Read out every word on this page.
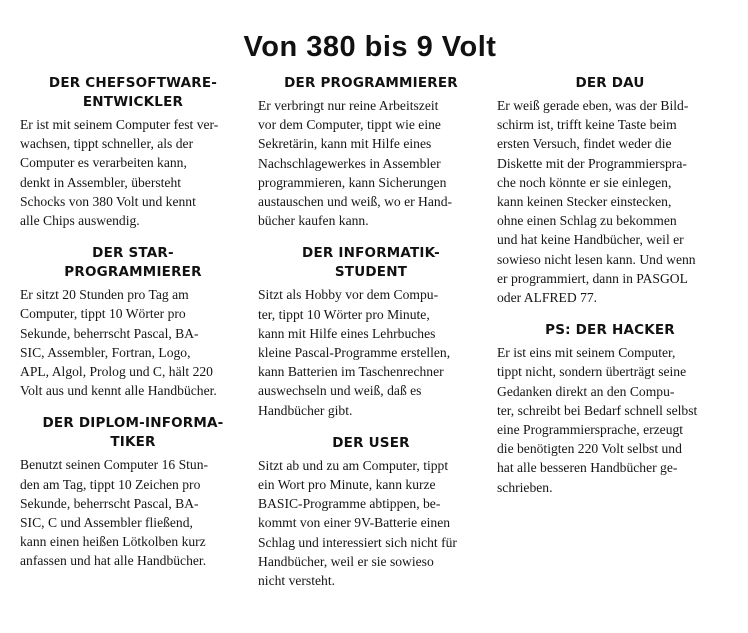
Von 380 bis 9 Volt
DER CHEFSOFTWARE-
ENTWICKLER

Er ist mit seinem Computer fest ver-
wachsen, tippt schneller, als der
Computer es verarbeiten kann,
denkt in Assembler, übersteht
Schocks von 380 Volt und kennt
alle Chips auswendig.

DER STAR-
PROGRAMMIERER

Er sitzt 20 Stunden pro Tag am
Computer, tippt 10 Wörter pro
Sekunde, beherrscht Pascal, BA-
SIC, Assembler, Fortran, Logo,
APL, Algol, Prolog und C, hält 220
Volt aus und kennt alle Handbücher.

DER DIPLOM-INFORMA-
TIKER

Benutzt seinen Computer 16 Stun-
den am Tag, tippt 10 Zeichen pro
Sekunde, beherrscht Pascal, BA-
SIC, C und Assembler fließend,
kann einen heißen Lötkolben kurz
anfassen und hat alle Handbücher.

DER PROGRAMMIERER

Er verbringt nur reine Arbeitszeit
vor dem Computer, tippt wie eine
Sekretärin, kann mit Hilfe eines
Nachschlagewerkes in Assembler
programmieren, kann Sicherungen
austauschen und weiß, wo er Hand-
bücher kaufen kann.

DER INFORMATIK-
STUDENT

Sitzt als Hobby vor dem Compu-
ter, tippt 10 Wörter pro Minute,
kann mit Hilfe eines Lehrbuches
kleine Pascal-Programme erstellen,
kann Batterien im Taschenrechner
auswechseln und weiß, daß es
Handbücher gibt.

DER USER

Sitzt ab und zu am Computer, tippt
ein Wort pro Minute, kann kurze
BASIC-Programme abtippen, be-
kommt von einer 9V-Batterie einen
Schlag und interessiert sich nicht für
Handbücher, weil er sie sowieso
nicht versteht.

DER DAU

Er weiß gerade eben, was der Bild-
schirm ist, trifft keine Taste beim
ersten Versuch, findet weder die
Diskette mit der Programmierspra-
che noch könnte er sie einlegen,
kann keinen Stecker einstecken,
ohne einen Schlag zu bekommen
und hat keine Handbücher, weil er
sowieso nicht lesen kann. Und wenn
er programmiert, dann in PASGOL
oder ALFRED 77.

PS: DER HACKER

Er ist eins mit seinem Computer,
tippt nicht, sondern überträgt seine
Gedanken direkt an den Compu-
ter, schreibt bei Bedarf schnell selbst
eine Programmiersprache, erzeugt
die benötigten 220 Volt selbst und
hat alle besseren Handbücher ge-
schrieben.
